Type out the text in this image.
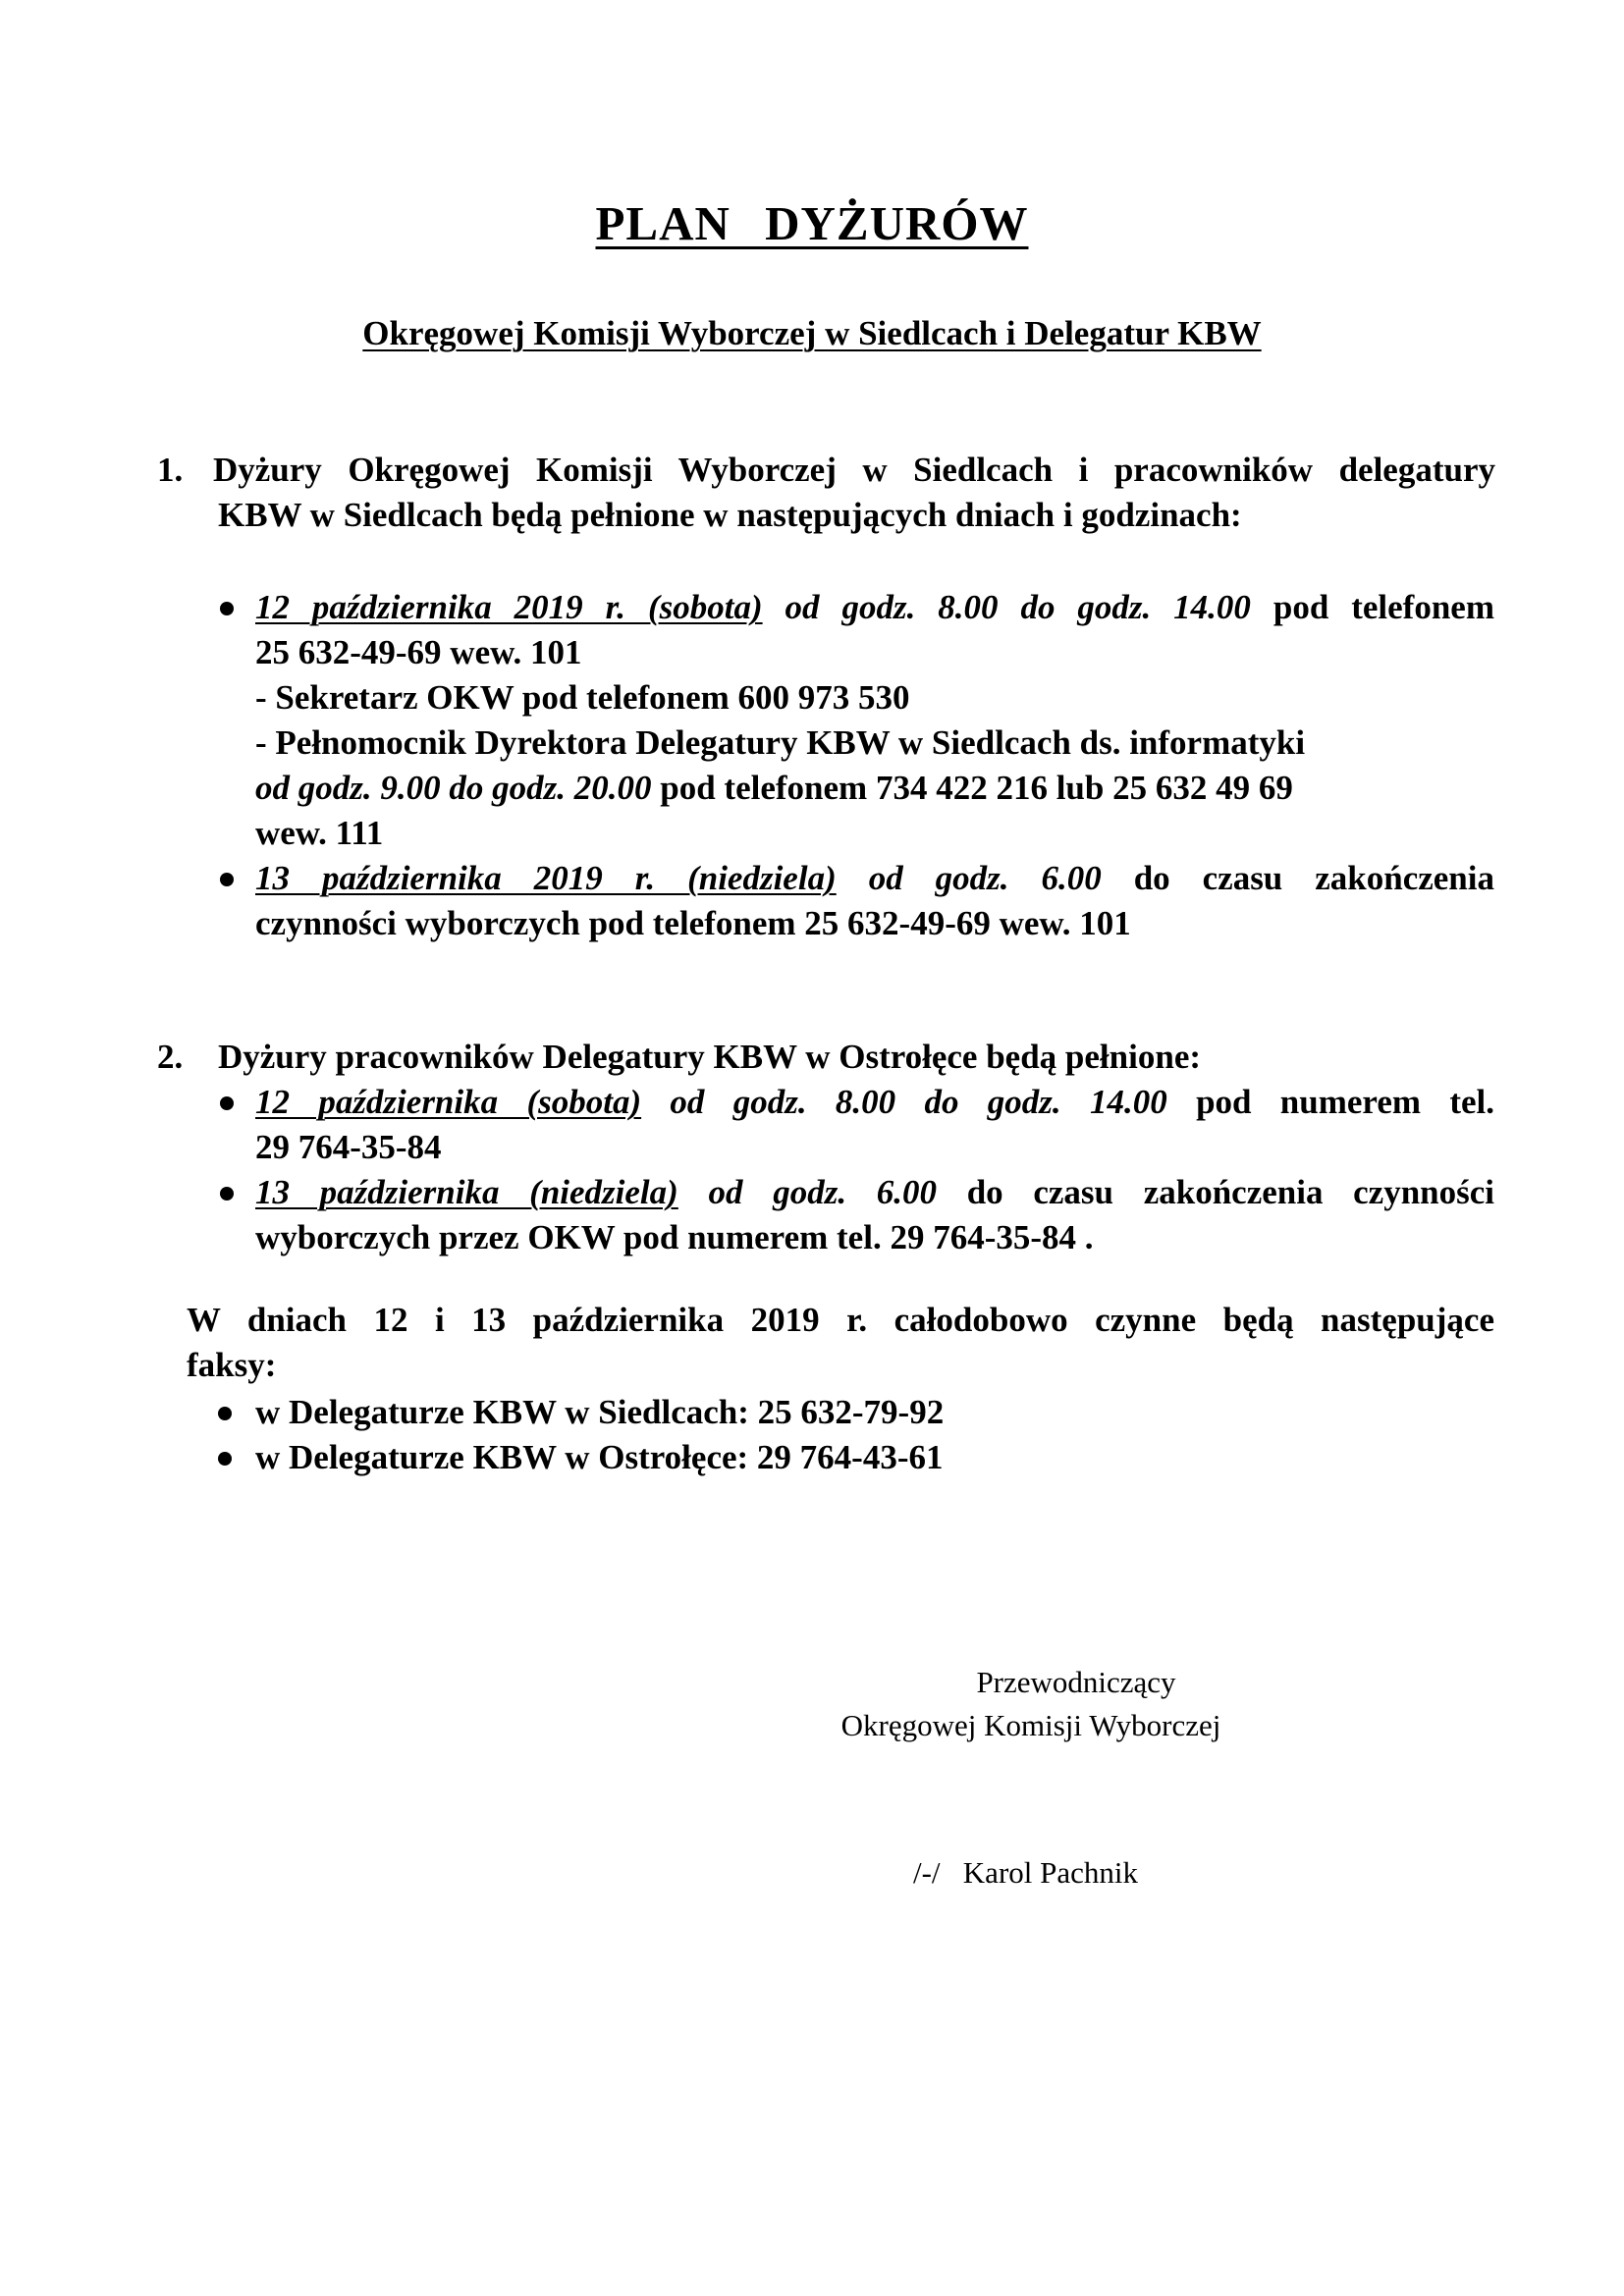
PLAN DYŻURÓW
Okręgowej Komisji Wyborczej w Siedlcach i Delegatur KBW
1. Dyżury Okręgowej Komisji Wyborczej w Siedlcach i pracowników delegatury
KBW w Siedlcach będą pełnione w następujących dniach i godzinach:
12 października 2019 r. (sobota) od godz. 8.00 do godz. 14.00 pod telefonem
25 632-49-69 wew. 101
- Sekretarz OKW pod telefonem 600 973 530
- Pełnomocnik Dyrektora Delegatury KBW w Siedlcach ds. informatyki
od godz. 9.00 do godz. 20.00 pod telefonem 734 422 216 lub 25 632 49 69
wew. 111
13 października 2019 r. (niedziela) od godz. 6.00 do czasu zakończenia
czynności wyborczych pod telefonem 25 632-49-69 wew. 101
2. Dyżury pracowników Delegatury KBW w Ostrołęce będą pełnione:
12 października (sobota) od godz. 8.00 do godz. 14.00 pod numerem tel.
29 764-35-84
13 października (niedziela) od godz. 6.00 do czasu zakończenia czynności
wyborczych przez OKW pod numerem tel. 29 764-35-84 .
W dniach 12 i 13 października 2019 r. całodobowo czynne będą następujące
faksy:
w Delegaturze KBW w Siedlcach: 25 632-79-92
w Delegaturze KBW w Ostrołęce: 29 764-43-61
Przewodniczący
Okręgowej Komisji Wyborczej
/-/   Karol Pachnik
